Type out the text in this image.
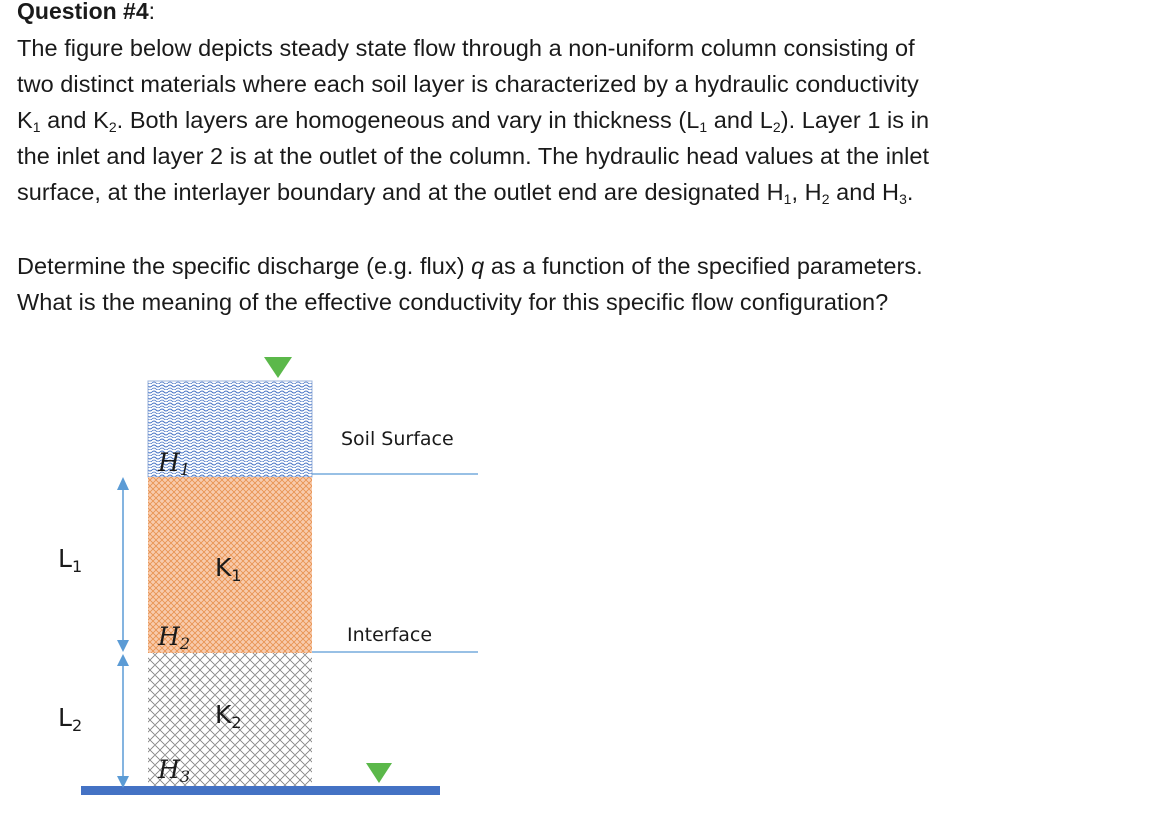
Question #4:
The figure below depicts steady state flow through a non-uniform column consisting of
two distinct materials where each soil layer is characterized by a hydraulic conductivity
$K_1$ and $K_2$. Both layers are homogeneous and vary in thickness ($L_1$ and $L_2$). Layer 1 is in
the inlet and layer 2 is at the outlet of the column. The hydraulic head values at the inlet
surface, at the interlayer boundary and at the outlet end are designated $H_1$, $H_2$ and $H_3$.
Determine the specific discharge (e.g. flux) q as a function of the specified parameters.
What is the meaning of the effective conductivity for this specific flow configuration?
Soil Surface
Interface
H1
H2
H3
$K_1$
$K_2$
$L_1$
$L_2$
